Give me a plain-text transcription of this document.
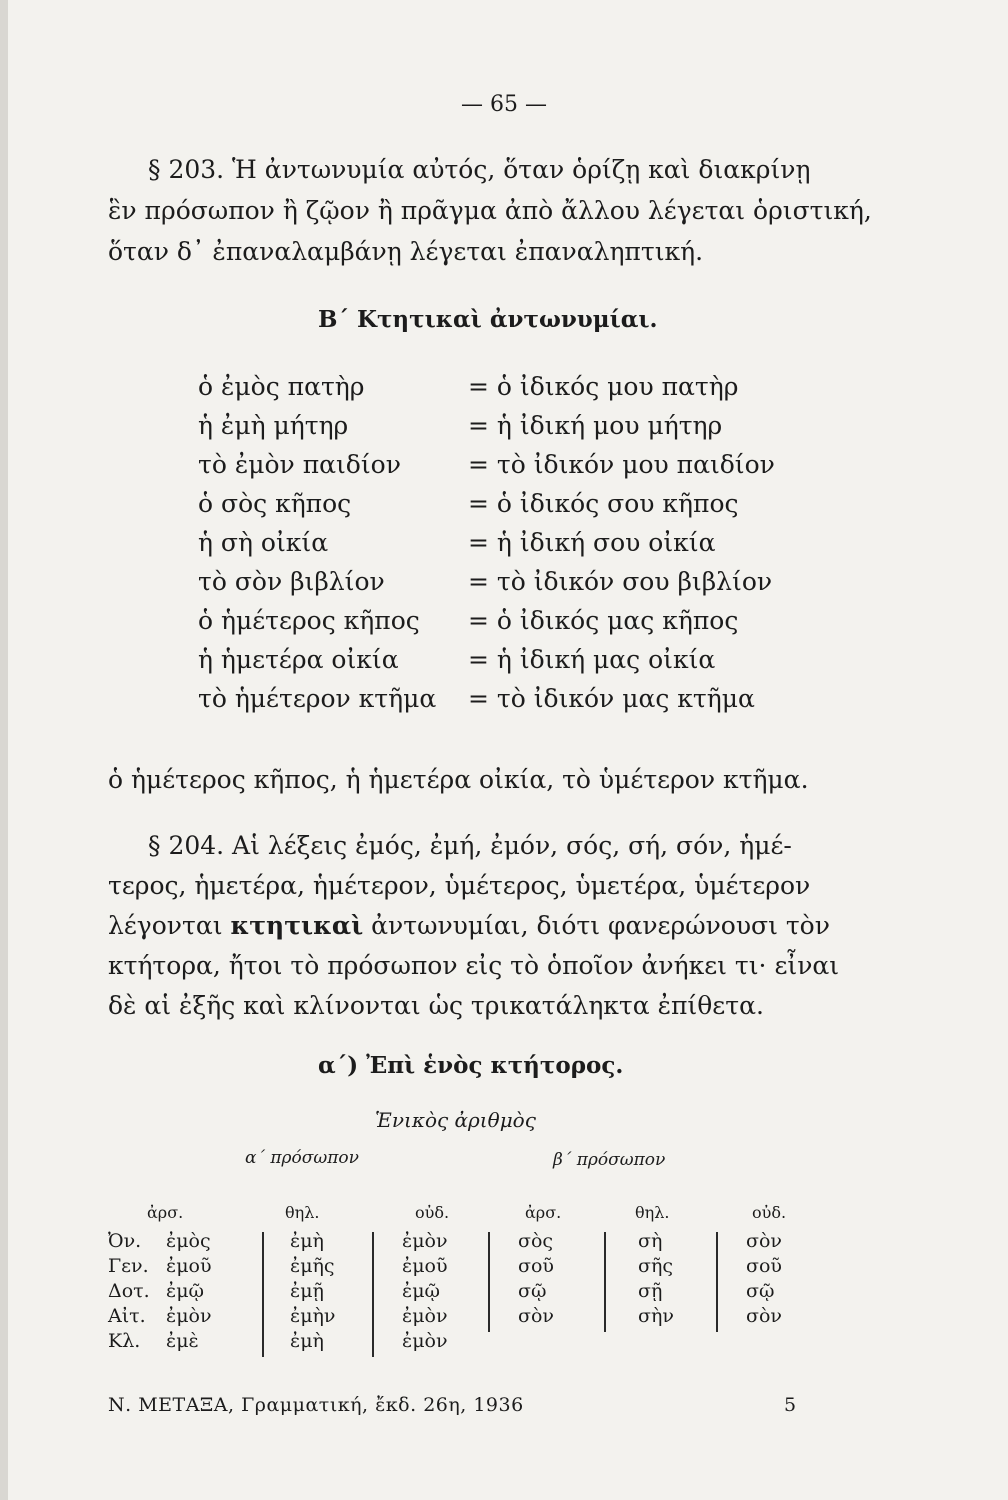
— 65 —
§ 203. Ἡ ἀντωνυμία αὐτός, ὅταν ὁρίζῃ καὶ διακρίνῃ
ἓν πρόσωπον ἢ ζῷον ἢ πρᾶγμα ἀπὸ ἄλλου λέγεται ὁριστική,
ὅταν δ᾽ ἐπαναλαμβάνῃ λέγεται ἐπαναληπτική.
Β΄ Κτητικαὶ ἀντωνυμίαι.
ὁ ἐμὸς πατὴρ	= ὁ ἰδικός μου πατὴρ
ἡ ἐμὴ μήτηρ	= ἡ ἰδική μου μήτηρ
τὸ ἐμὸν παιδίον	= τὸ ἰδικόν μου παιδίον
ὁ σὸς κῆπος	= ὁ ἰδικός σου κῆπος
ἡ σὴ οἰκία	= ἡ ἰδική σου οἰκία
τὸ σὸν βιβλίον	= τὸ ἰδικόν σου βιβλίον
ὁ ἡμέτερος κῆπος = ὁ ἰδικός μας κῆπος
ἡ ἡμετέρα οἰκία	= ἡ ἰδική μας οἰκία
τὸ ἡμέτερον κτῆμα = τὸ ἰδικόν μας κτῆμα
ὁ ἡμέτερος κῆπος, ἡ ἡμετέρα οἰκία, τὸ ὑμέτερον κτῆμα.
§ 204. Αἱ λέξεις ἐμός, ἐμή, ἐμόν, σός, σή, σόν, ἡμέ-
τερος, ἡμετέρα, ἡμέτερον, ὑμέτερος, ὑμετέρα, ὑμέτερον
λέγονται κτητικαὶ ἀντωνυμίαι, διότι φανερώνουσι τὸν
κτήτορα, ἤτοι τὸ πρόσωπον εἰς τὸ ὁποῖον ἀνήκει τι· εἶναι
δὲ αἱ ἐξῆς καὶ κλίνονται ὡς τρικατάληκτα ἐπίθετα.
α΄) Ἐπὶ ἑνὸς κτήτορος.
Ἑνικὸς ἀριθμὸς
α΄ πρόσωπον	β΄ πρόσωπον
ἀρσ.	θηλ.	οὐδ.	ἀρσ.	θηλ.	οὐδ.
Ὀν. ἐμὸς	ἐμὴ	ἐμὸν	σὸς	σὴ	σὸν
Γεν. ἐμοῦ	ἐμῆς	ἐμοῦ	σοῦ	σῆς	σοῦ
Δοτ. ἐμῷ	ἐμῇ	ἐμῷ	σῷ	σῇ	σῷ
Αἰτ. ἐμὸν	ἐμὴν	ἐμὸν	σὸν	σὴν	σὸν
Κλ. ἐμὲ	ἐμὴ	ἐμὸν
Ν. ΜΕΤΑΞΑ, Γραμματική, ἔκδ. 26η, 1936	5
